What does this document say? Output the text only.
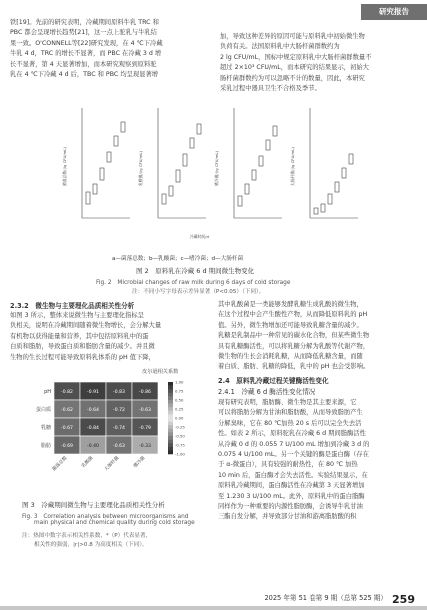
研究报告

铁[19]。先前的研究表明，冷藏期间原料牛乳 TRC 和

PBC 都会呈现增长趋势[21]，这一点上驼乳与牛乳结

果一致。O'CONNELL等[22]研究发现，在 4 ℃下冷藏

牛乳 4 d，TRC 的增长不显著，而 PBC 在冷藏 3 d 增

长不显著，第 4 天显著增加，而本研究观察到原料驼

乳在 4 ℃下冷藏 4 d 后，TBC 和 PBC 均呈现显著增

加，导致这种差异的原因可能与原料乳中初始微生物

负荷有关。法国原料乳中大肠杆菌群数约为

2 lg CFU/mL，国标中规定原料乳中大肠杆菌群数量不

超过 2×10³ CFU/mL，而本研究的结果显示，初始大

肠杆菌群数约为可以忽略不计的数量，因此，本研究

采乳过程中器具卫生不合格及季节。

菌落总数/(lg CFU/mL)	乳酸菌/(lg CFU/mL)	嗜冷菌/(lg CFU/mL)	大肠杆菌/(lg CFU/mL)
冷藏时间/d
a—菌落总数；b—乳酸菌；c—嗜冷菌；d—大肠杆菌
图 2　原料乳在冷藏 6 d 期间微生物变化
Fig. 2　Microbial changes of raw milk during 6 days of cold storage
注：不同小写字母表示差异显著（P<0.05）（下同）。
2.3.2　微生物与主要理化品质相关性分析

如图 3 所示，整体来说微生物与主要理化指标呈

负相关，说明在冷藏期间随着微生物增长，会分解大量

有机物以获得能量和营养，其中包括原料乳中的蛋

白质和脂肪，导致蛋白质和脂肪含量的减少。并且微

生物的生长过程可能导致原料乳体系的 pH 值下降，

皮尔逊相关系数
pH -0.82	-0.91	-0.83	-0.86
蛋白质 -0.62	-0.64	-0.72	-0.63
乳糖 -0.67	-0.84	-0.74	-0.79
脂肪 -0.69	-0.40	-0.63	-0.33
菌落总数	乳酸菌	大肠杆菌	嗜冷菌
1.00
0.75
0.50
0.25
0.00
-0.25
-0.50
-0.75
-1.00
图 3　冷藏期间微生物与主要理化品质相关性分析
Fig. 3　Correlation analysis between microorganisms and
main physical and chemical quality during cold storage
注：热图中数字表示相关性系数，*（P）代表显著，
相关性的强弱，|r|>0.8 为高度相关（下同）。

其中乳酸菌是一类能够发酵乳糖生成乳酸的微生物，

在这个过程中会产生酸性产物，从而降低原料乳的 pH

值。另外，微生物增加还可能导致乳糖含量的减少。

乳糖是乳制品中一种常见的碳水化合物，但某些微生物

具有乳糖酶活性，可以将乳糖分解为乳酸等代谢产物，

微生物的生长会消耗乳糖，从而降低乳糖含量，而随

着白质、脂肪、乳糖的降低，乳中的 pH 也会受影响。

2.4　原料乳冷藏过程关键酶活性变化
2.4.1　冷藏 6 d 酶活性变化情况

现有研究表明，脂肪酶、微生物是其主要来源，它

可以将脂肪分解为甘油和脂肪酸，从而导致脂肪产生

分解臭味，它在 80 ℃加热 20 s 后可以完全失去活

性。如表 2 所示，原料驼乳在冷藏 6 d 期间脂酶活性

从冷藏 0 d 的 0.055 7 U/100 mL 增加到冷藏 3 d 的

0.075 4 U/100 mL。另一个关键的酶是蛋白酶（存在

于 α-微蛋白），具有较强的耐热性，在 80 ℃ 加热

10 min 后，蛋白酶才会失去活性。实验结果显示，在

原料乳冷藏期间，蛋白酶活性在冷藏第 3 天显著增加

至 1.230 3 U/100 mL。此外，原料乳中的蛋白脂酶

同样作为一种重要的内源性脂肪酶，会诱导牛乳甘油

三酯自发分解，并导致部分甘油和游离脂肪酸的积

2025 年第 51 卷第 9 期（总第 525 期） 259
